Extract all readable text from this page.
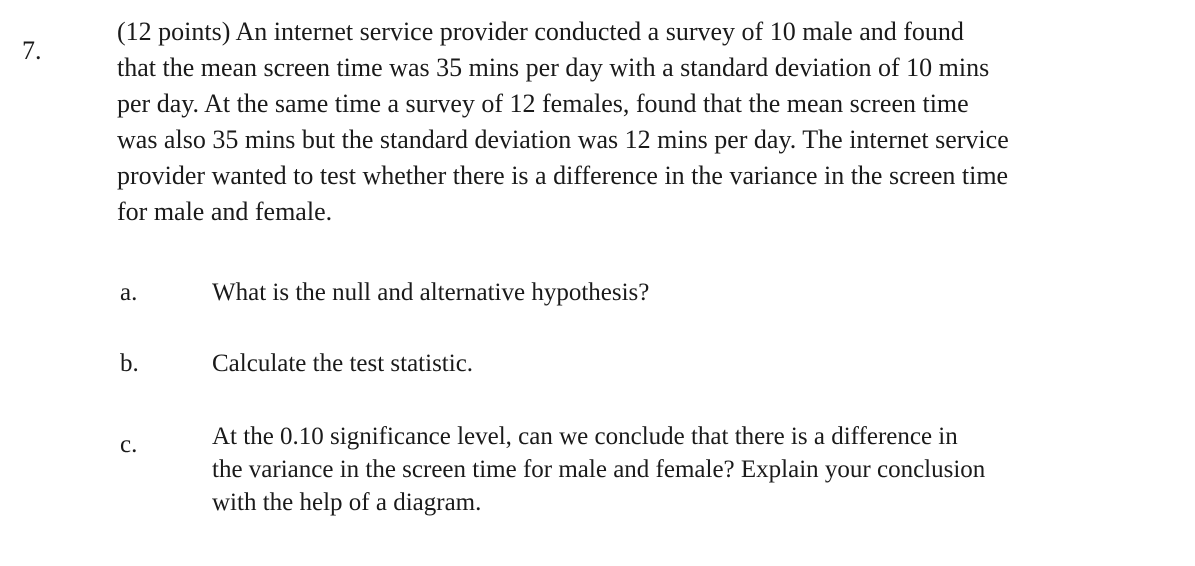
7.
(12 points) An internet service provider conducted a survey of 10 male and found
that the mean screen time was 35 mins per day with a standard deviation of 10 mins
per day. At the same time a survey of 12 females, found that the mean screen time
was also 35 mins but the standard deviation was 12 mins per day. The internet service
provider wanted to test whether there is a difference in the variance in the screen time
for male and female.
a.	What is the null and alternative hypothesis?
b.	Calculate the test statistic.
c.	At the 0.10 significance level, can we conclude that there is a difference in
the variance in the screen time for male and female? Explain your conclusion
with the help of a diagram.
